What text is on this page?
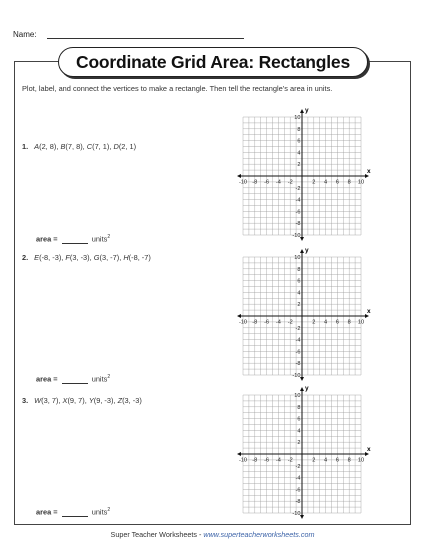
Name:
Coordinate Grid Area: Rectangles
Plot, label, and connect the vertices to make a rectangle. Then tell the rectangle’s area in units.
1. A(2, 8), B(7, 8), C(7, 1), D(2, 1)
area =	units$^2$
2. E(-8, -3), F(3, -3), G(3, -7), H(-8, -7)
area =	units$^2$
3. W(3, 7), X(9, 7), Y(9, -3), Z(3, -3)
area =	units$^2$
x
y
-10 -8 -6 -4 -2	2 4 6 8 10
10
8
6
4
2
-2
-4
-6
-8
-10
x
y
-10 -8 -6 -4 -2	2 4 6 8 10
10
8
6
4
2
-2
-4
-6
-8
-10
x
y
-10 -8 -6 -4 -2	2 4 6 8 10
10
8
6
4
2
-2
-4
-6
-8
-10
Super Teacher Worksheets - www.superteacherworksheets.com
